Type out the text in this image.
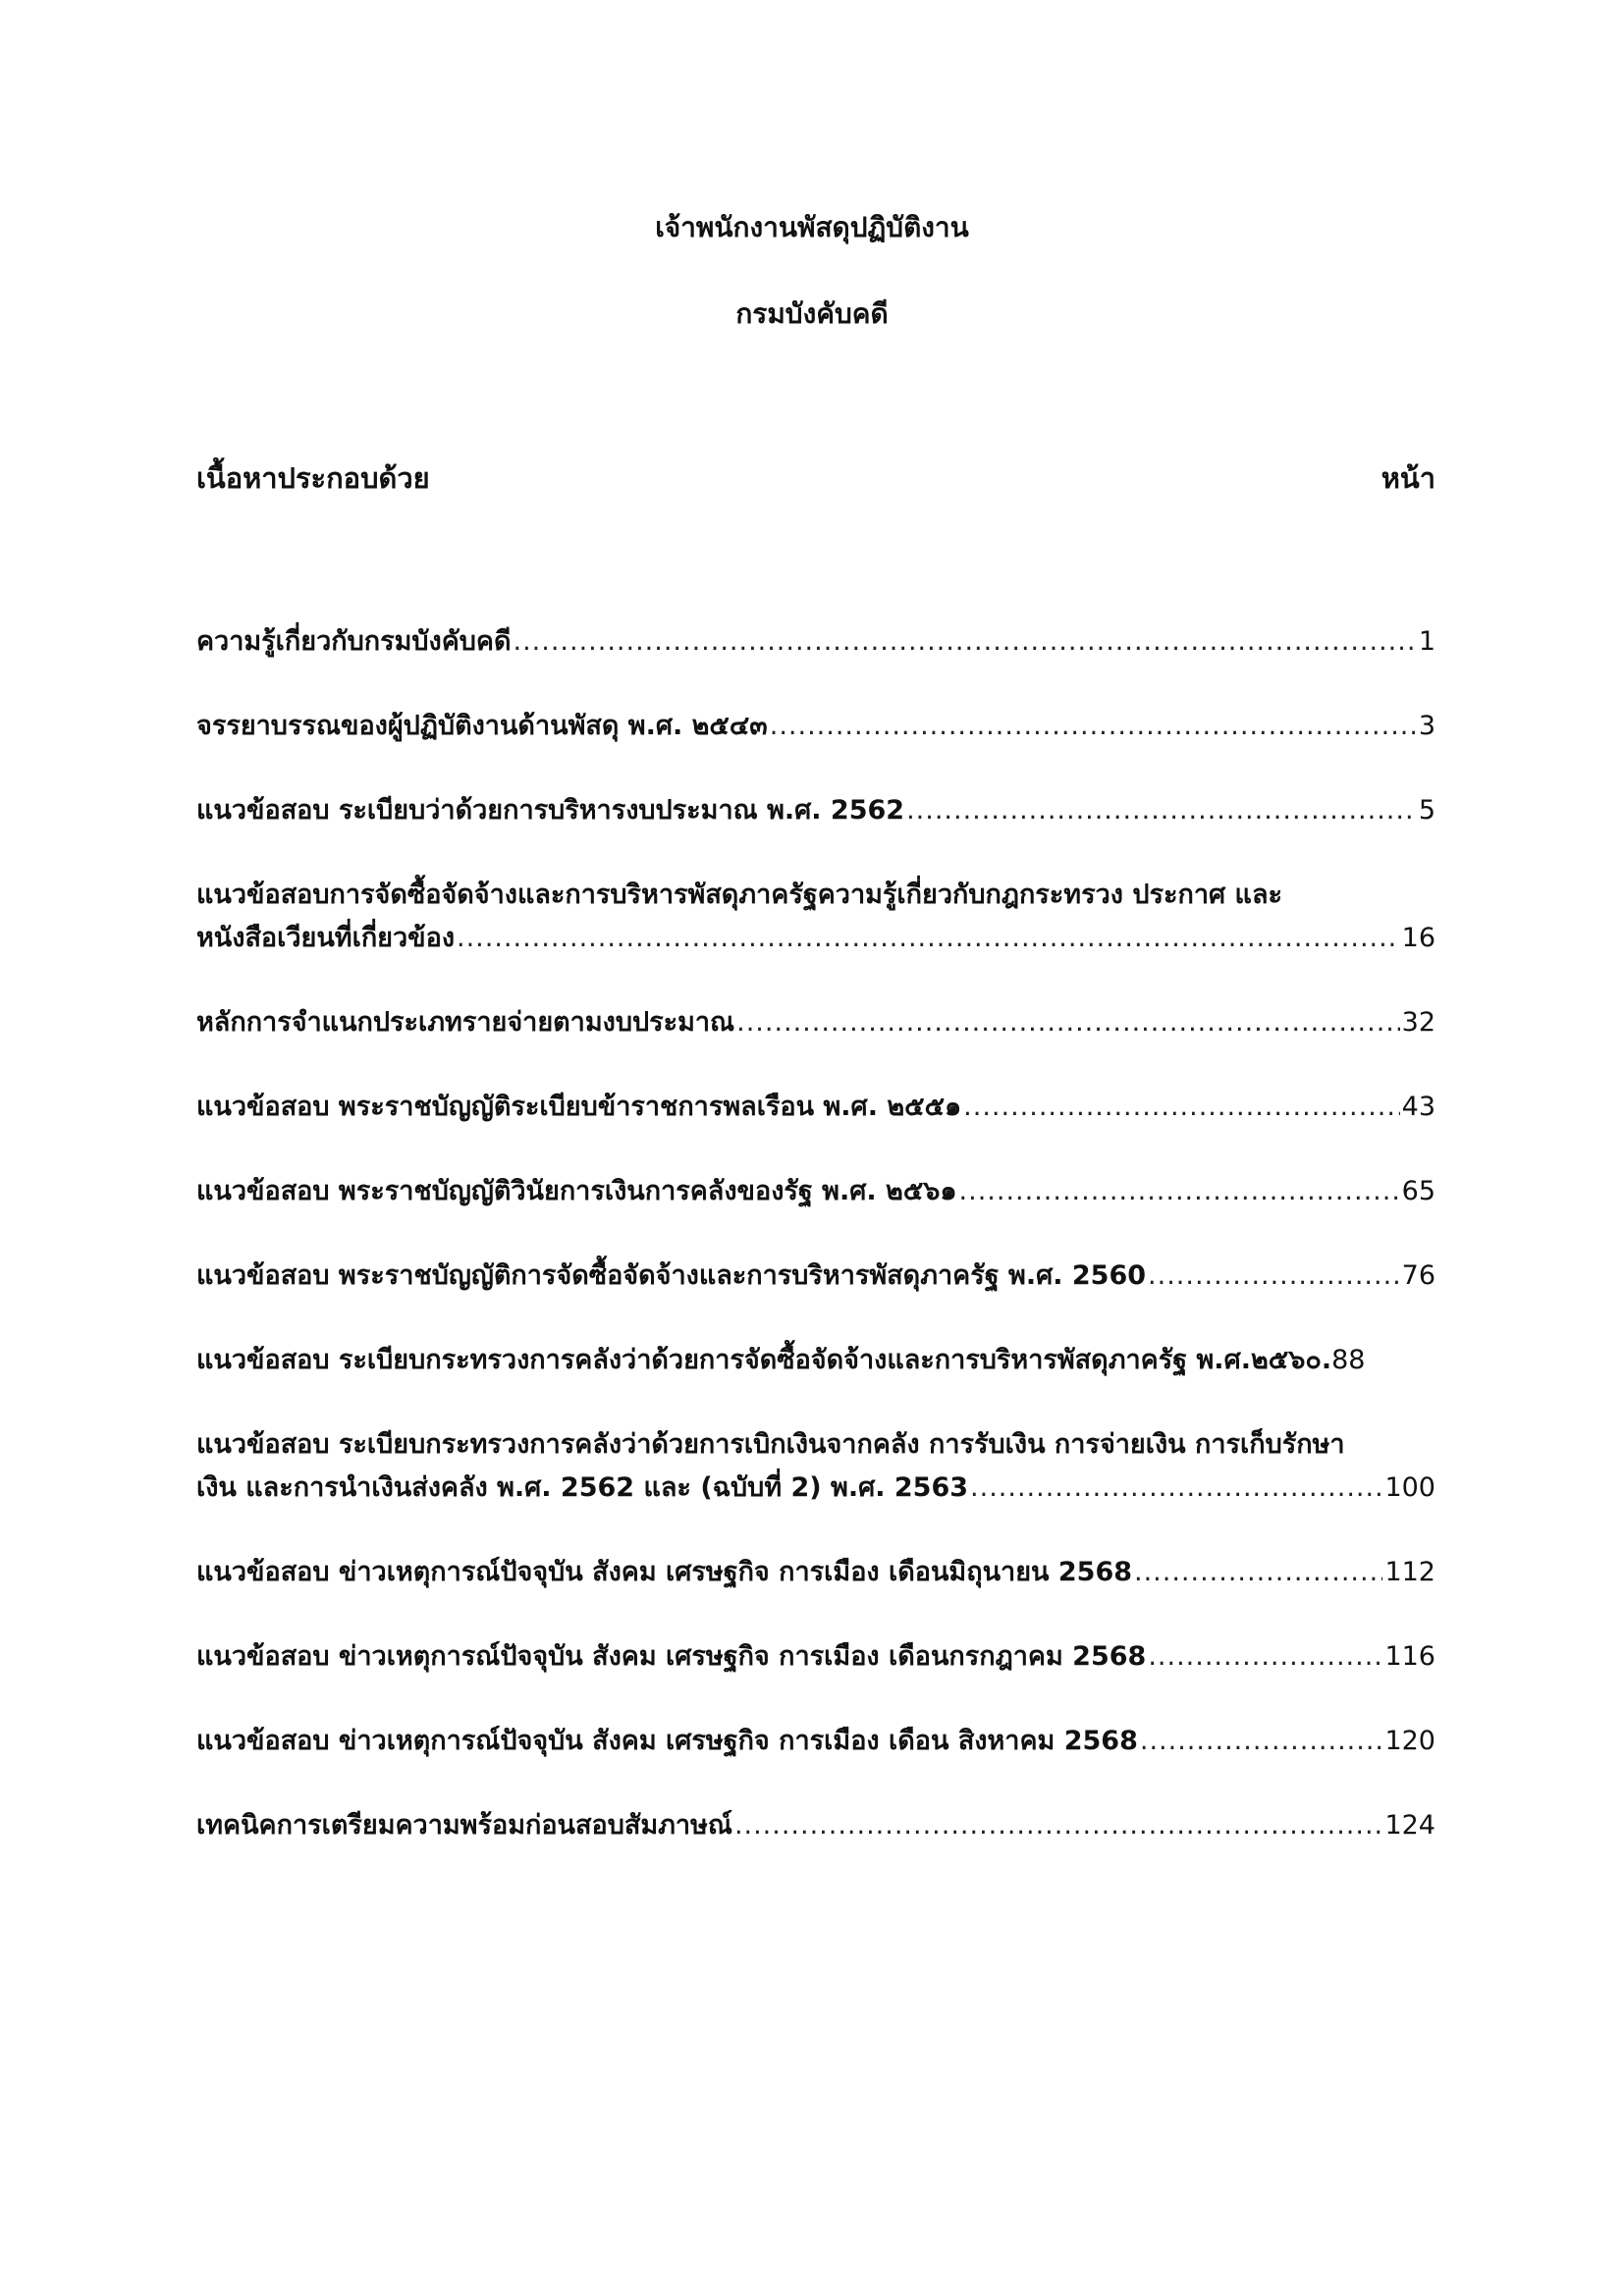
เจ้าพนักงานพัสดุปฏิบัติงาน
กรมบังคับคดี
เนื้อหาประกอบด้วย	หน้า
ความรู้เกี่ยวกับกรมบังคับคดี .....	1
จรรยาบรรณของผู้ปฏิบัติงานด้านพัสดุ พ.ศ. ๒๕๔๓ .....	3
แนวข้อสอบ ระเบียบว่าด้วยการบริหารงบประมาณ พ.ศ. 2562 .....	5
แนวข้อสอบการจัดซื้อจัดจ้างและการบริหารพัสดุภาครัฐความรู้เกี่ยวกับกฎกระทรวง ประกาศ และ
หนังสือเวียนที่เกี่ยวข้อง .....	16
หลักการจำแนกประเภทรายจ่ายตามงบประมาณ .....	32
แนวข้อสอบ พระราชบัญญัติระเบียบข้าราชการพลเรือน พ.ศ. ๒๕๕๑ .....	43
แนวข้อสอบ พระราชบัญญัติวินัยการเงินการคลังของรัฐ พ.ศ. ๒๕๖๑ .....	65
แนวข้อสอบ พระราชบัญญัติการจัดซื้อจัดจ้างและการบริหารพัสดุภาครัฐ พ.ศ. 2560 .....	76
แนวข้อสอบ ระเบียบกระทรวงการคลังว่าด้วยการจัดซื้อจัดจ้างและการบริหารพัสดุภาครัฐ พ.ศ.๒๕๖๐. 88
แนวข้อสอบ ระเบียบกระทรวงการคลังว่าด้วยการเบิกเงินจากคลัง การรับเงิน การจ่ายเงิน การเก็บรักษา
เงิน และการนำเงินส่งคลัง พ.ศ. 2562 และ (ฉบับที่ 2) พ.ศ. 2563 .....	100
แนวข้อสอบ ข่าวเหตุการณ์ปัจจุบัน สังคม เศรษฐกิจ การเมือง เดือนมิถุนายน 2568 .....	112
แนวข้อสอบ ข่าวเหตุการณ์ปัจจุบัน สังคม เศรษฐกิจ การเมือง เดือนกรกฎาคม 2568 .....	116
แนวข้อสอบ ข่าวเหตุการณ์ปัจจุบัน สังคม เศรษฐกิจ การเมือง เดือน สิงหาคม 2568 .....	120
เทคนิคการเตรียมความพร้อมก่อนสอบสัมภาษณ์ .....	124
